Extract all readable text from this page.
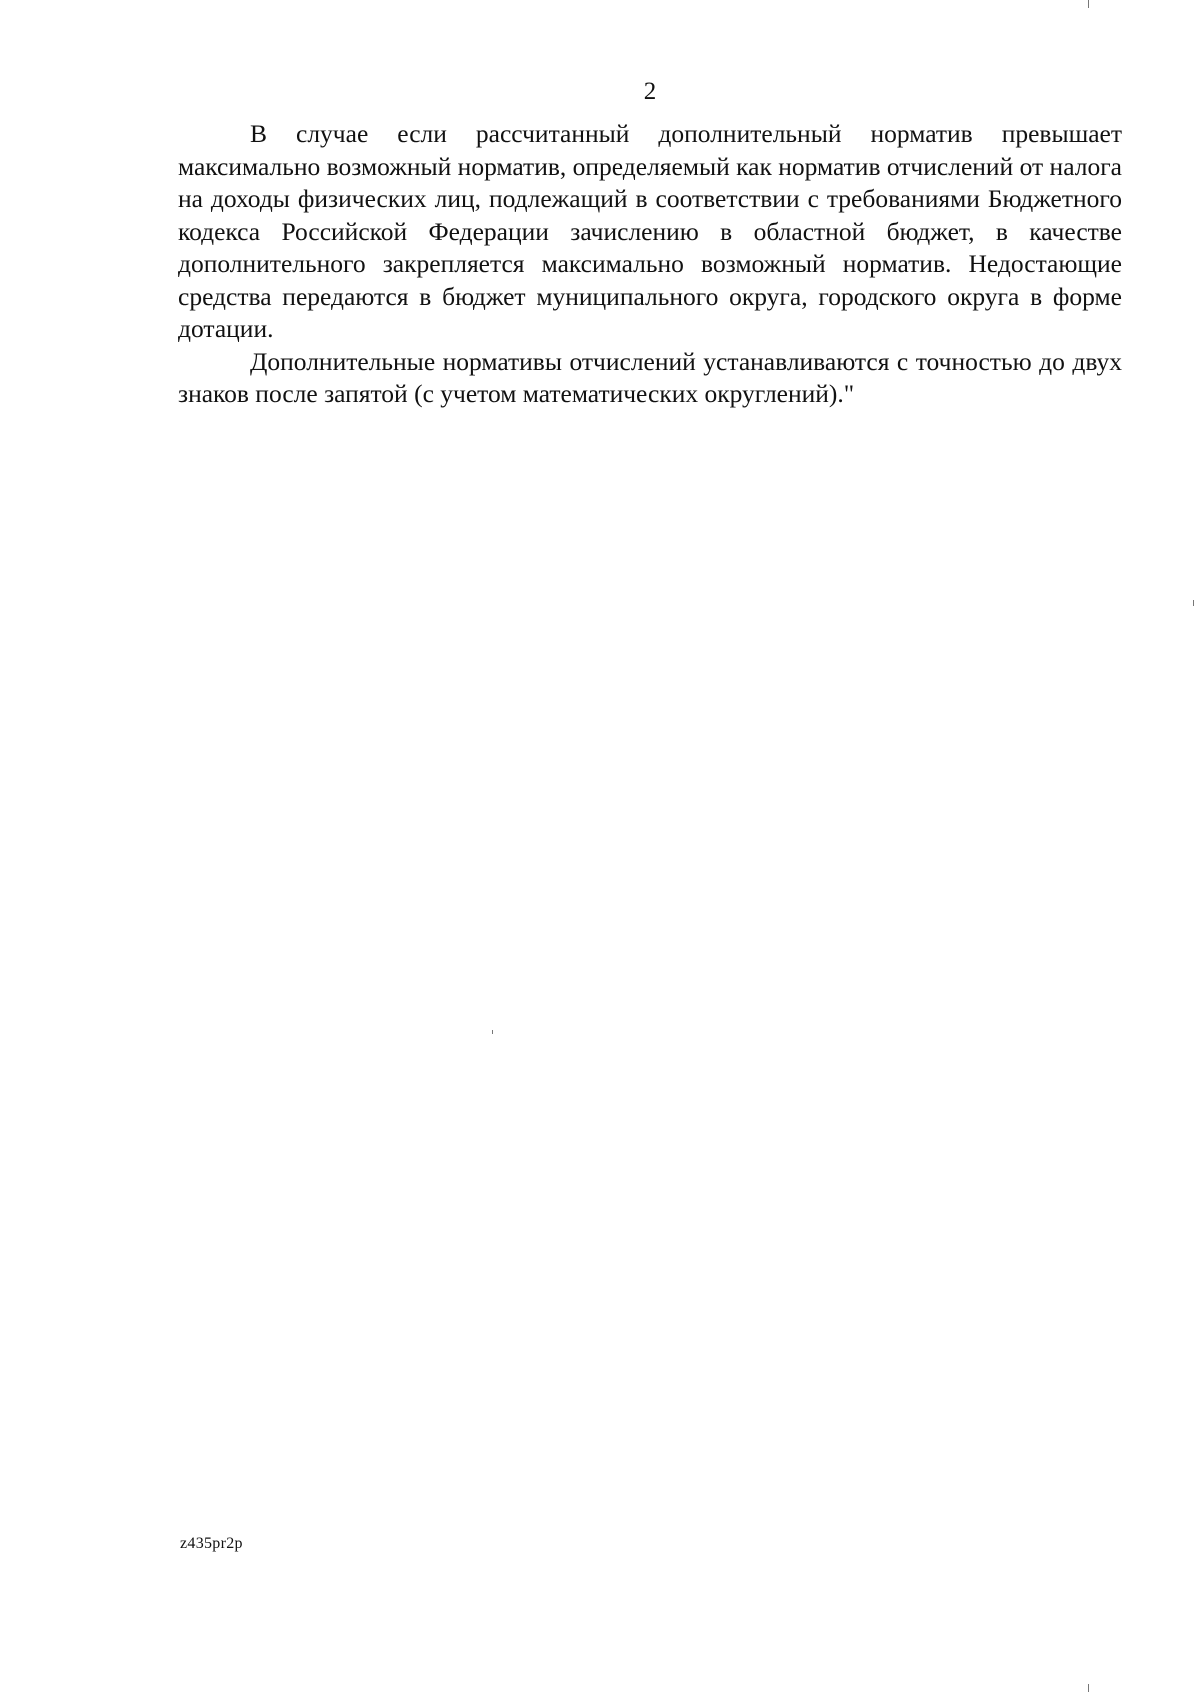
2

В случае если рассчитанный дополнительный норматив превышает максимально возможный норматив, определяемый как норматив отчислений от налога на доходы физических лиц, подлежащий в соответствии с требованиями Бюджетного кодекса Российской Федерации зачислению в областной бюджет, в качестве дополнительного закрепляется максимально возможный норматив. Недостающие средства передаются в бюджет муниципального округа, городского округа в форме дотации.

Дополнительные нормативы отчислений устанавливаются с точностью до двух знаков после запятой (с учетом математических округлений)."

z435pr2p
